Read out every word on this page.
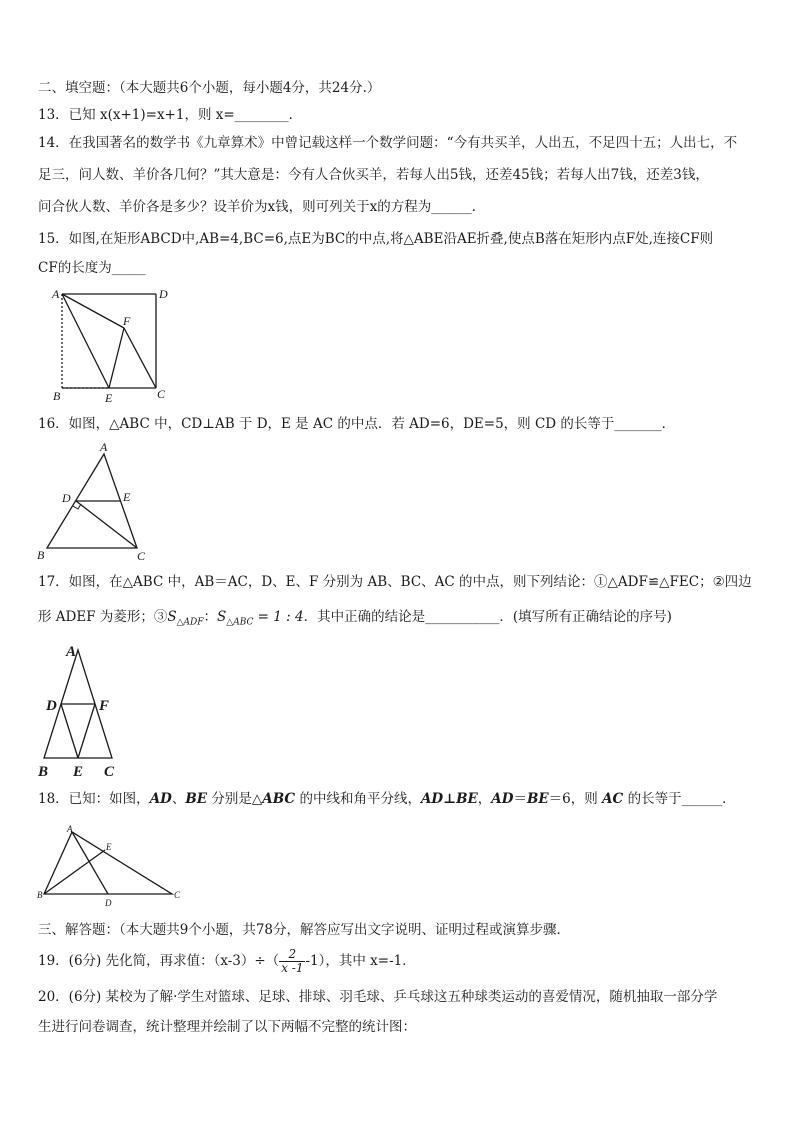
二、填空题：（本大题共6个小题，每小题4分，共24分.）
13．已知 x(x+1)=x+1，则 x=________．
14．在我国著名的数学书《九章算术》中曾记载这样一个数学问题：“今有共买羊，人出五，不足四十五；人出七，不
足三，问人数、羊价各几何？”其大意是：今有人合伙买羊，若每人出5钱，还差45钱；若每人出7钱，还差3钱，
问合伙人数、羊价各是多少？设羊价为x钱，则可列关于x的方程为______．
15．如图,在矩形ABCD中,AB=4,BC=6,点E为BC的中点,将△ABE沿AE折叠,使点B落在矩形内点F处,连接CF则
CF的长度为_____
A	D
F
B	E	C
16．如图，△ABC 中，CD⊥AB 于 D，E 是 AC 的中点．若 AD=6，DE=5，则 CD 的长等于_______．
A
D	E
B	C
17．如图，在△ABC 中，AB＝AC，D、E、F 分别为 AB、BC、AC 的中点，则下列结论：①△ADF≌△FEC；②四边
形 ADEF 为菱形；$③S_{\triangle ADF}$：$S_{\triangle ABC} = 1$ : 4．其中正确的结论是___________．(填写所有正确结论的序号)
A
D	F
B E C
18．已知：如图，AD、BE 分别是△ABC 的中线和角平分线，AD⊥BE，AD＝BE＝6，则 AC 的长等于______．
A
E
B
D
C
三、解答题：（本大题共9个小题，共78分，解答应写出文字说明、证明过程或演算步骤．
19．(6分) 先化简，再求值：$(x-3)\div( \frac{2}{x -1} -1)$，其中 x=-1．
20．(6分) 某校为了解·学生对篮球、足球、排球、羽毛球、乒乓球这五种球类运动的喜爱情况，随机抽取一部分学
生进行问卷调查，统计整理并绘制了以下两幅不完整的统计图：
